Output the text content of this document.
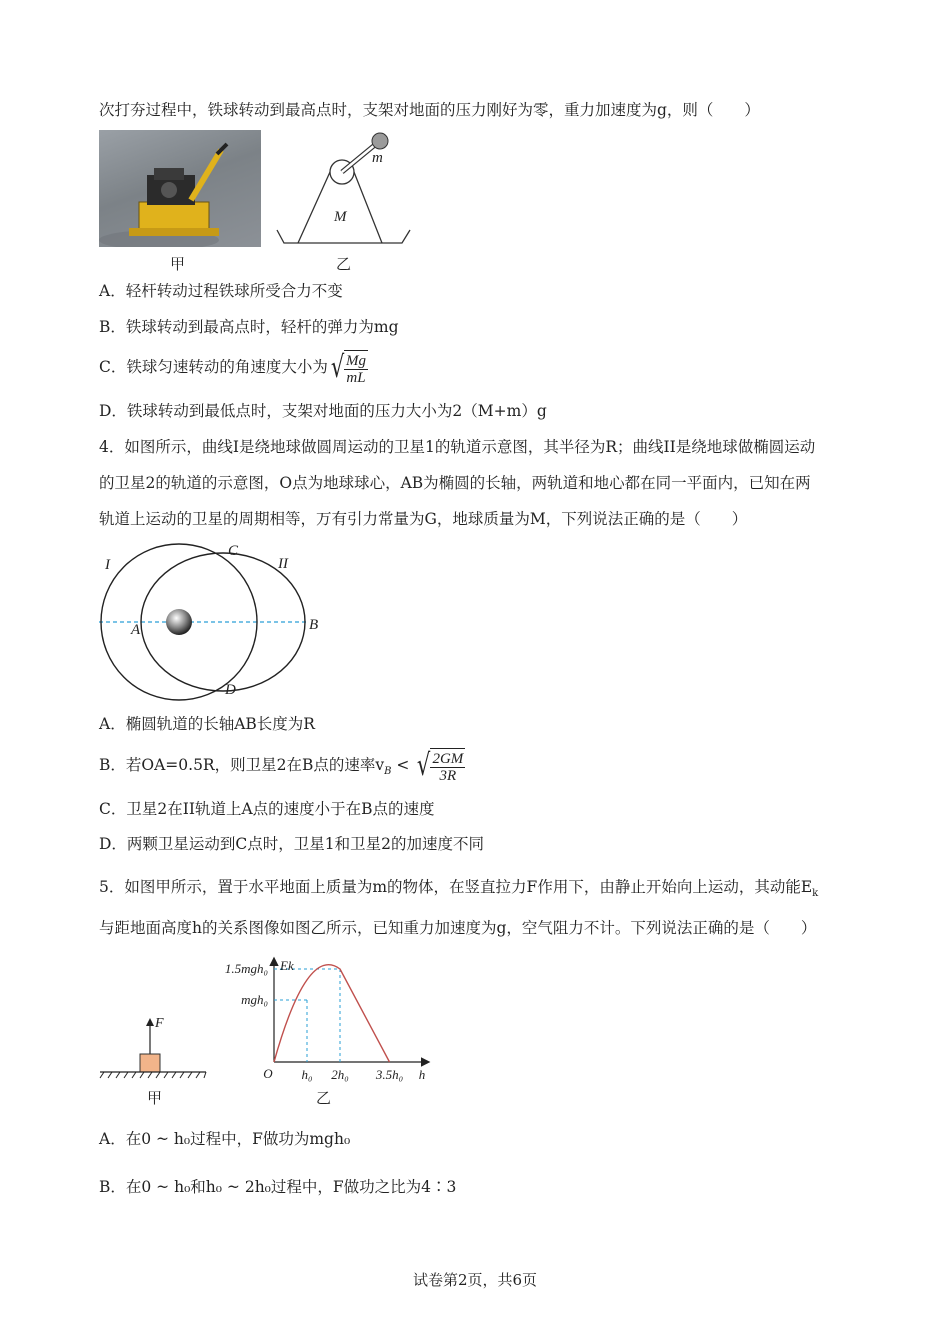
次打夯过程中，铁球转动到最高点时，支架对地面的压力刚好为零，重力加速度为g，则（　　）
甲
m
M
乙
A．轻杆转动过程铁球所受合力不变
B．铁球转动到最高点时，轻杆的弹力为mg
C．铁球匀速转动的角速度大小为√ $\frac{Mg}{mL}$
D．铁球转动到最低点时，支架对地面的压力大小为2（M+m）g
4．如图所示，曲线I是绕地球做圆周运动的卫星1的轨道示意图，其半径为R；曲线II是绕地球做椭圆运动
的卫星2的轨道的示意图，O点为地球球心，AB为椭圆的长轴，两轨道和地心都在同一平面内，已知在两
轨道上运动的卫星的周期相等，万有引力常量为G，地球质量为M，下列说法正确的是（　　）
I	II
C
A	B
D
A．椭圆轨道的长轴AB长度为R
B．若OA=0.5R，则卫星2在B点的速率$v_B$ < √ $\frac{2GM}{3R}$
C．卫星2在II轨道上A点的速度小于在B点的速度
D．两颗卫星运动到C点时，卫星1和卫星2的加速度不同
5．如图甲所示，置于水平地面上质量为m的物体，在竖直拉力F作用下，由静止开始向上运动，其动能$E_k$
与距地面高度h的关系图像如图乙所示，已知重力加速度为g，空气阻力不计。下列说法正确的是（　　）
F
甲
O h₀ 2h₀ 3.5h₀ h
mgh₀
1.5mgh₀ Ek
乙
A．在0 ~ h₀过程中，F做功为mgh₀
B．在0 ~ h₀和h₀ ~ 2h₀过程中，F做功之比为4∶3
试卷第2页，共6页
